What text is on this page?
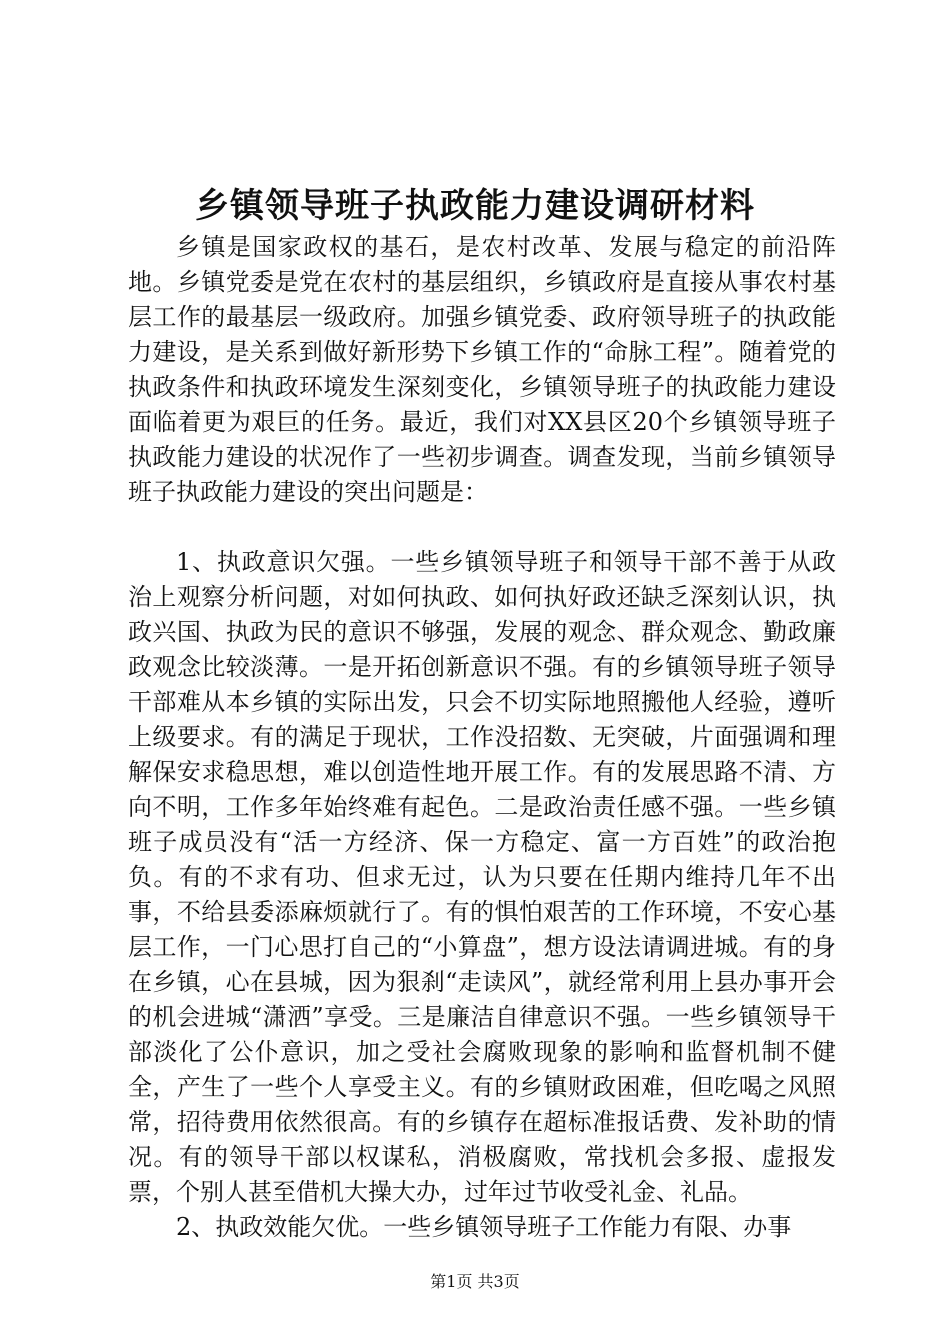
乡镇领导班子执政能力建设调研材料

乡镇是国家政权的基石，是农村改革、发展与稳定的前沿阵地。乡镇党委是党在农村的基层组织，乡镇政府是直接从事农村基层工作的最基层一级政府。加强乡镇党委、政府领导班子的执政能力建设，是关系到做好新形势下乡镇工作的“命脉工程”。随着党的执政条件和执政环境发生深刻变化，乡镇领导班子的执政能力建设面临着更为艰巨的任务。最近，我们对XX县区20个乡镇领导班子执政能力建设的状况作了一些初步调查。调查发现，当前乡镇领导班子执政能力建设的突出问题是：

1、执政意识欠强。一些乡镇领导班子和领导干部不善于从政治上观察分析问题，对如何执政、如何执好政还缺乏深刻认识，执政兴国、执政为民的意识不够强，发展的观念、群众观念、勤政廉政观念比较淡薄。一是开拓创新意识不强。有的乡镇领导班子领导干部难从本乡镇的实际出发，只会不切实际地照搬他人经验，遵听上级要求。有的满足于现状，工作没招数、无突破，片面强调和理解保安求稳思想，难以创造性地开展工作。有的发展思路不清、方向不明，工作多年始终难有起色。二是政治责任感不强。一些乡镇班子成员没有“活一方经济、保一方稳定、富一方百姓”的政治抱负。有的不求有功、但求无过，认为只要在任期内维持几年不出事，不给县委添麻烦就行了。有的惧怕艰苦的工作环境，不安心基层工作，一门心思打自己的“小算盘”，想方设法请调进城。有的身在乡镇，心在县城，因为狠刹“走读风”，就经常利用上县办事开会的机会进城“潇洒”享受。三是廉洁自律意识不强。一些乡镇领导干部淡化了公仆意识，加之受社会腐败现象的影响和监督机制不健全，产生了一些个人享受主义。有的乡镇财政困难，但吃喝之风照常，招待费用依然很高。有的乡镇存在超标准报话费、发补助的情况。有的领导干部以权谋私，消极腐败，常找机会多报、虚报发票，个别人甚至借机大操大办，过年过节收受礼金、礼品。

2、执政效能欠优。一些乡镇领导班子工作能力有限、办事

第1页 共3页
